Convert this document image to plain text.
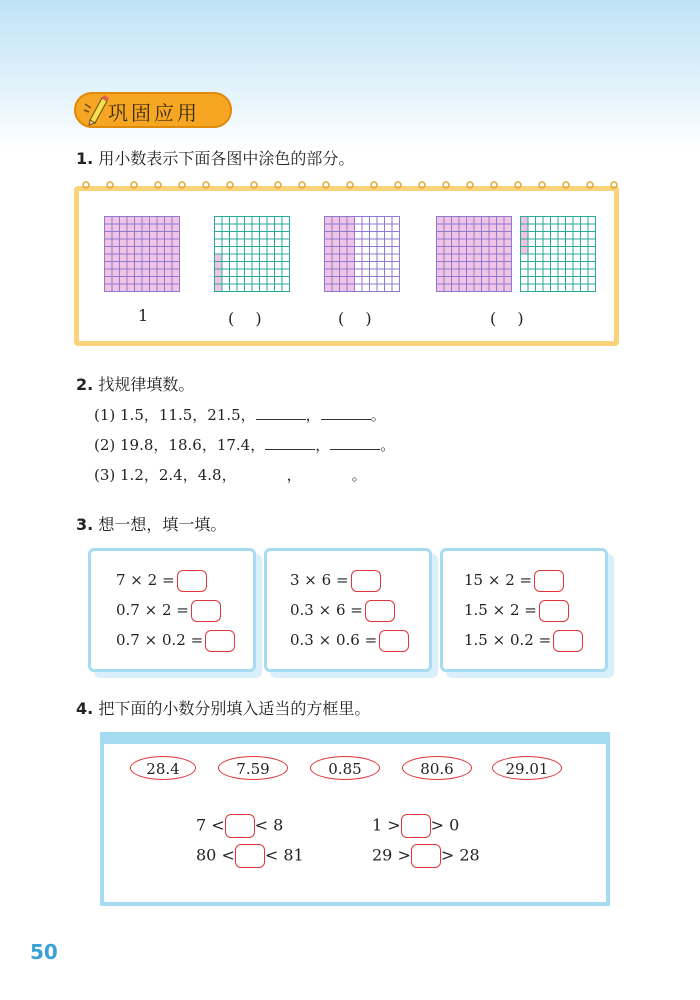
巩固应用
1. 用小数表示下面各图中涂色的部分。
1	(　 )	(　 )	(　 )
2. 找规律填数。
(1) 1.5，11.5，21.5，	，	。
(2) 19.8，18.6，17.4，	，	。
(3) 1.2，2.4，4.8，	，	。
3. 想一想，填一填。
7 × 2 =
0.7 × 2 =
0.7 × 0.2 =
3 × 6 =
0.3 × 6 =
0.3 × 0.6 =
15 × 2 =
1.5 × 2 =
1.5 × 0.2 =
4. 把下面的小数分别填入适当的方框里。
28.4	7.59	0.85	80.6	29.01
7 < < 8	1 > > 0
80 < < 81	29 > > 28
50
